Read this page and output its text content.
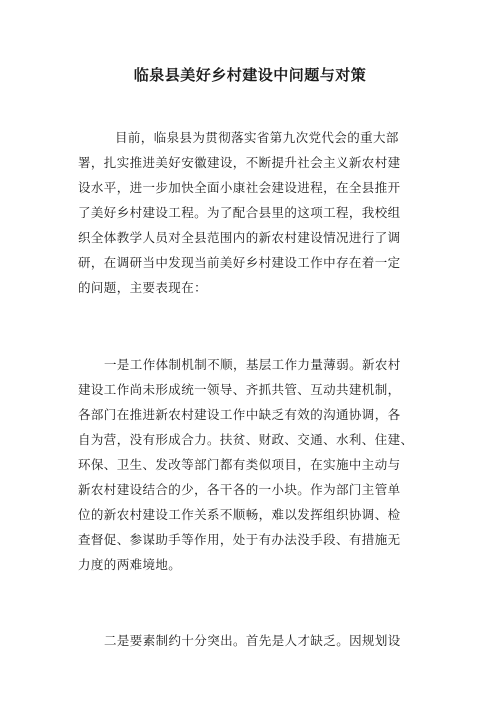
临泉县美好乡村建设中问题与对策
目前，临泉县为贯彻落实省第九次党代会的重大部
署，扎实推进美好安徽建设，不断提升社会主义新农村建
设水平，进一步加快全面小康社会建设进程，在全县推开
了美好乡村建设工程。为了配合县里的这项工程，我校组
织全体教学人员对全县范围内的新农村建设情况进行了调
研，在调研当中发现当前美好乡村建设工作中存在着一定
的问题，主要表现在：
一是工作体制机制不顺，基层工作力量薄弱。新农村
建设工作尚未形成统一领导、齐抓共管、互动共建机制，
各部门在推进新农村建设工作中缺乏有效的沟通协调，各
自为营，没有形成合力。扶贫、财政、交通、水利、住建、
环保、卫生、发改等部门都有类似项目，在实施中主动与
新农村建设结合的少，各干各的一小块。作为部门主管单
位的新农村建设工作关系不顺畅，难以发挥组织协调、检
查督促、参谋助手等作用，处于有办法没手段、有措施无
力度的两难境地。
二是要素制约十分突出。首先是人才缺乏。因规划设
